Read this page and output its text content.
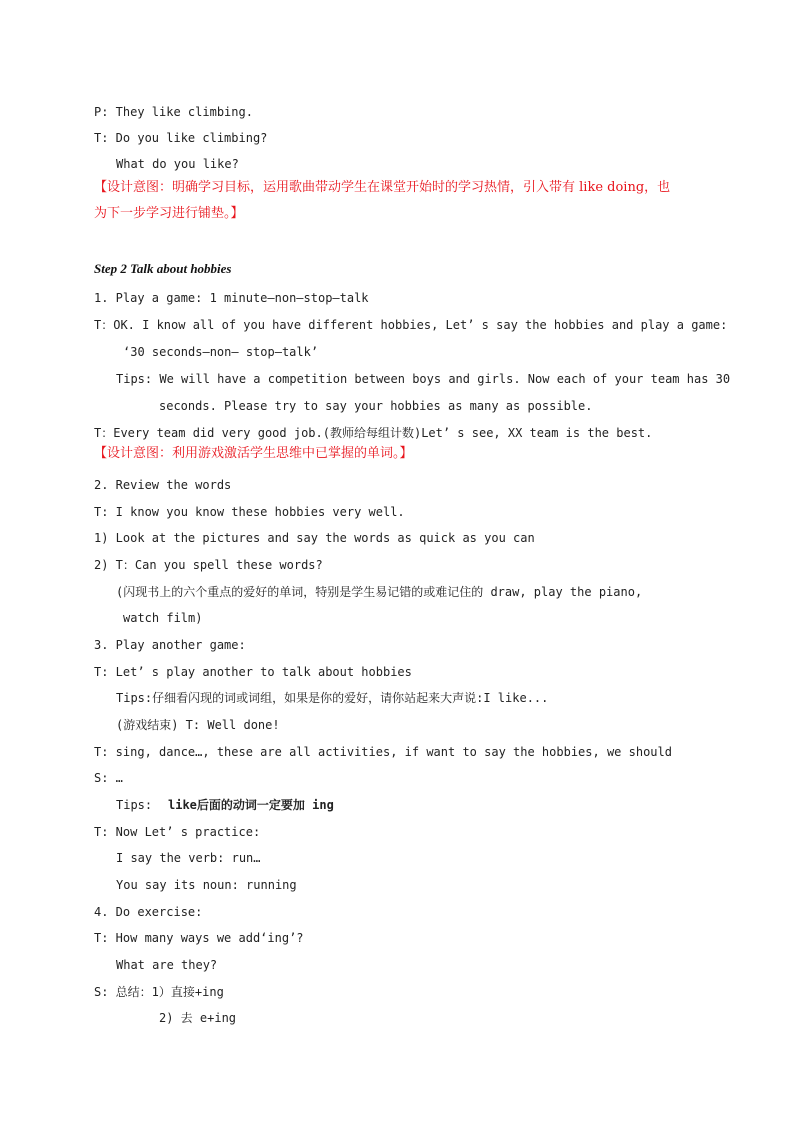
P: They like climbing.
T: Do you like climbing?
What do you like?
【设计意图：明确学习目标，运用歌曲带动学生在课堂开始时的学习热情，引入带有 like doing，也
为下一步学习进行铺垫。】
Step 2 Talk about hobbies
1. Play a game: 1 minute–non–stop–talk
T：OK. I know all of you have different hobbies, Let’ s say the hobbies and play a game:
‘30 seconds–non– stop–talk’
Tips: We will have a competition between boys and girls. Now each of your team has 30
seconds. Please try to say your hobbies as many as possible.
T：Every team did very good job.(教师给每组计数)Let’ s see, XX team is the best.
【设计意图：利用游戏激活学生思维中已掌握的单词。】
2. Review the words
T: I know you know these hobbies very well.
1) Look at the pictures and say the words as quick as you can
2) T：Can you spell these words?
(闪现书上的六个重点的爱好的单词，特别是学生易记错的或难记住的 draw, play the piano,
watch film)
3. Play another game:
T: Let’ s play another to talk about hobbies
Tips:仔细看闪现的词或词组，如果是你的爱好，请你站起来大声说:I like...
(游戏结束) T: Well done!
T: sing, dance…, these are all activities, if want to say the hobbies, we should
S: …
Tips: like后面的动词一定要加 ing
T: Now Let’ s practice:
I say the verb: run…
You say its noun: running
4. Do exercise:
T: How many ways we add‘ing’?
What are they?
S: 总结：1）直接+ing
2) 去 e+ing
